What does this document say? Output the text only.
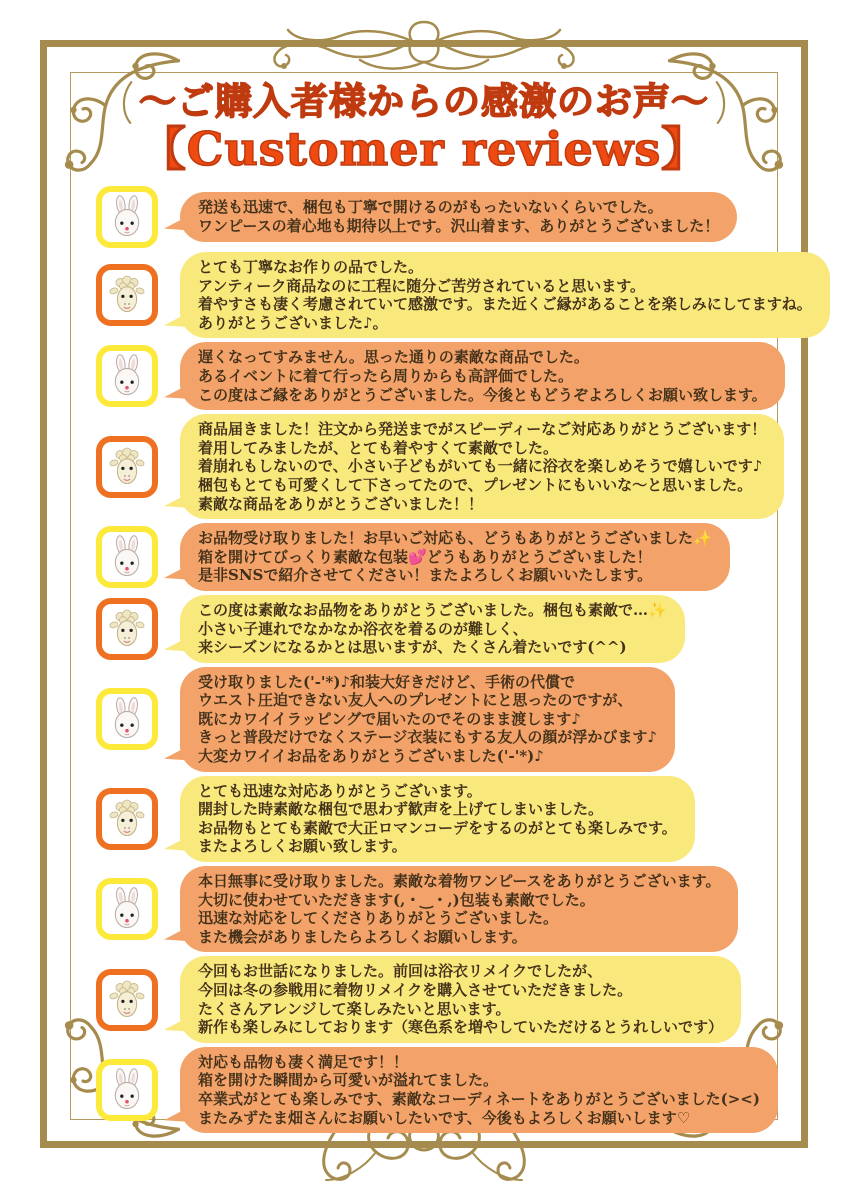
～ご購入者様からの感激のお声～
【Customer reviews】
発送も迅速で、梱包も丁寧で開けるのがもったいないくらいでした。
ワンピースの着心地も期待以上です。沢山着ます、ありがとうございました！
とても丁寧なお作りの品でした。
アンティーク商品なのに工程に随分ご苦労されていると思います。
着やすさも凄く考慮されていて感激です。また近くご縁があることを楽しみにしてますね。
ありがとうございました♪。
遅くなってすみません。思った通りの素敵な商品でした。
あるイベントに着て行ったら周りからも高評価でした。
この度はご縁をありがとうございました。今後ともどうぞよろしくお願い致します。
商品届きました！注文から発送までがスピーディーなご対応ありがとうございます！
着用してみましたが、とても着やすくて素敵でした。
着崩れもしないので、小さい子どもがいても一緒に浴衣を楽しめそうで嬉しいです♪
梱包もとても可愛くして下さってたので、プレゼントにもいいな～と思いました。
素敵な商品をありがとうございました！！
お品物受け取りました！お早いご対応も、どうもありがとうございました✨
箱を開けてびっくり素敵な包装💕どうもありがとうございました！
是非SNSで紹介させてください！またよろしくお願いいたします。
この度は素敵なお品物をありがとうございました。梱包も素敵で…✨
小さい子連れでなかなか浴衣を着るのが難しく、
来シーズンになるかとは思いますが、たくさん着たいです(^^)
受け取りました('-'*)♪和装大好きだけど、手術の代償で
ウエスト圧迫できない友人へのプレゼントにと思ったのですが、
既にカワイイラッピングで届いたのでそのまま渡します♪
きっと普段だけでなくステージ衣装にもする友人の顔が浮かびます♪
大変カワイイお品をありがとうございました('-'*)♪
とても迅速な対応ありがとうございます。
開封した時素敵な梱包で思わず歓声を上げてしまいました。
お品物もとても素敵で大正ロマンコーデをするのがとても楽しみです。
またよろしくお願い致します。
本日無事に受け取りました。素敵な着物ワンピースをありがとうございます。
大切に使わせていただきます(,・‿・,)包装も素敵でした。
迅速な対応をしてくださりありがとうございました。
また機会がありましたらよろしくお願いします。
今回もお世話になりました。前回は浴衣リメイクでしたが、
今回は冬の参戦用に着物リメイクを購入させていただきました。
たくさんアレンジして楽しみたいと思います。
新作も楽しみにしております（寒色系を増やしていただけるとうれしいです）
対応も品物も凄く満足です！！
箱を開けた瞬間から可愛いが溢れてました。
卒業式がとても楽しみです、素敵なコーディネートをありがとうございました(><)
またみずたま畑さんにお願いしたいです、今後もよろしくお願いします♡
